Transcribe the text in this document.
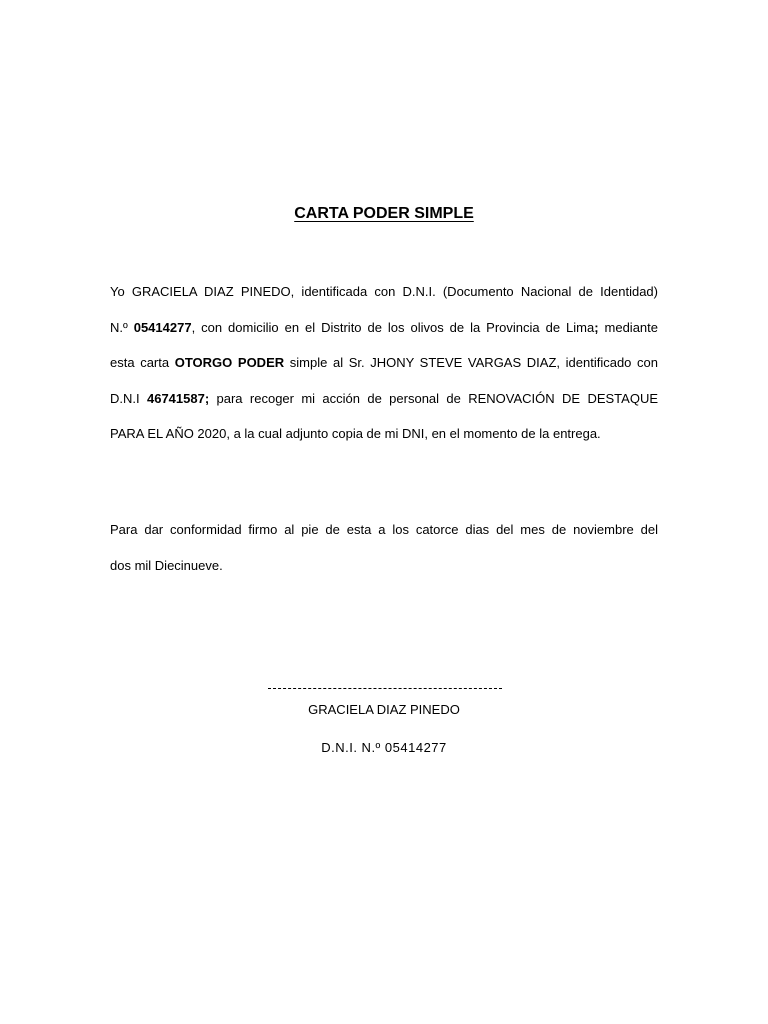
CARTA PODER SIMPLE
Yo GRACIELA DIAZ PINEDO, identificada con D.N.I. (Documento Nacional de Identidad)
N.º 05414277, con domicilio en el Distrito de los olivos de la Provincia de Lima; mediante
esta carta OTORGO PODER simple al Sr. JHONY STEVE VARGAS DIAZ, identificado con
D.N.I 46741587; para recoger mi acción de personal de RENOVACIÓN DE DESTAQUE
PARA EL AÑO 2020, a la cual adjunto copia de mi DNI, en el momento de la entrega.
Para dar conformidad firmo al pie de esta a los catorce dias del mes de noviembre del
dos mil Diecinueve.
GRACIELA DIAZ PINEDO
D.N.I. N.º 05414277
